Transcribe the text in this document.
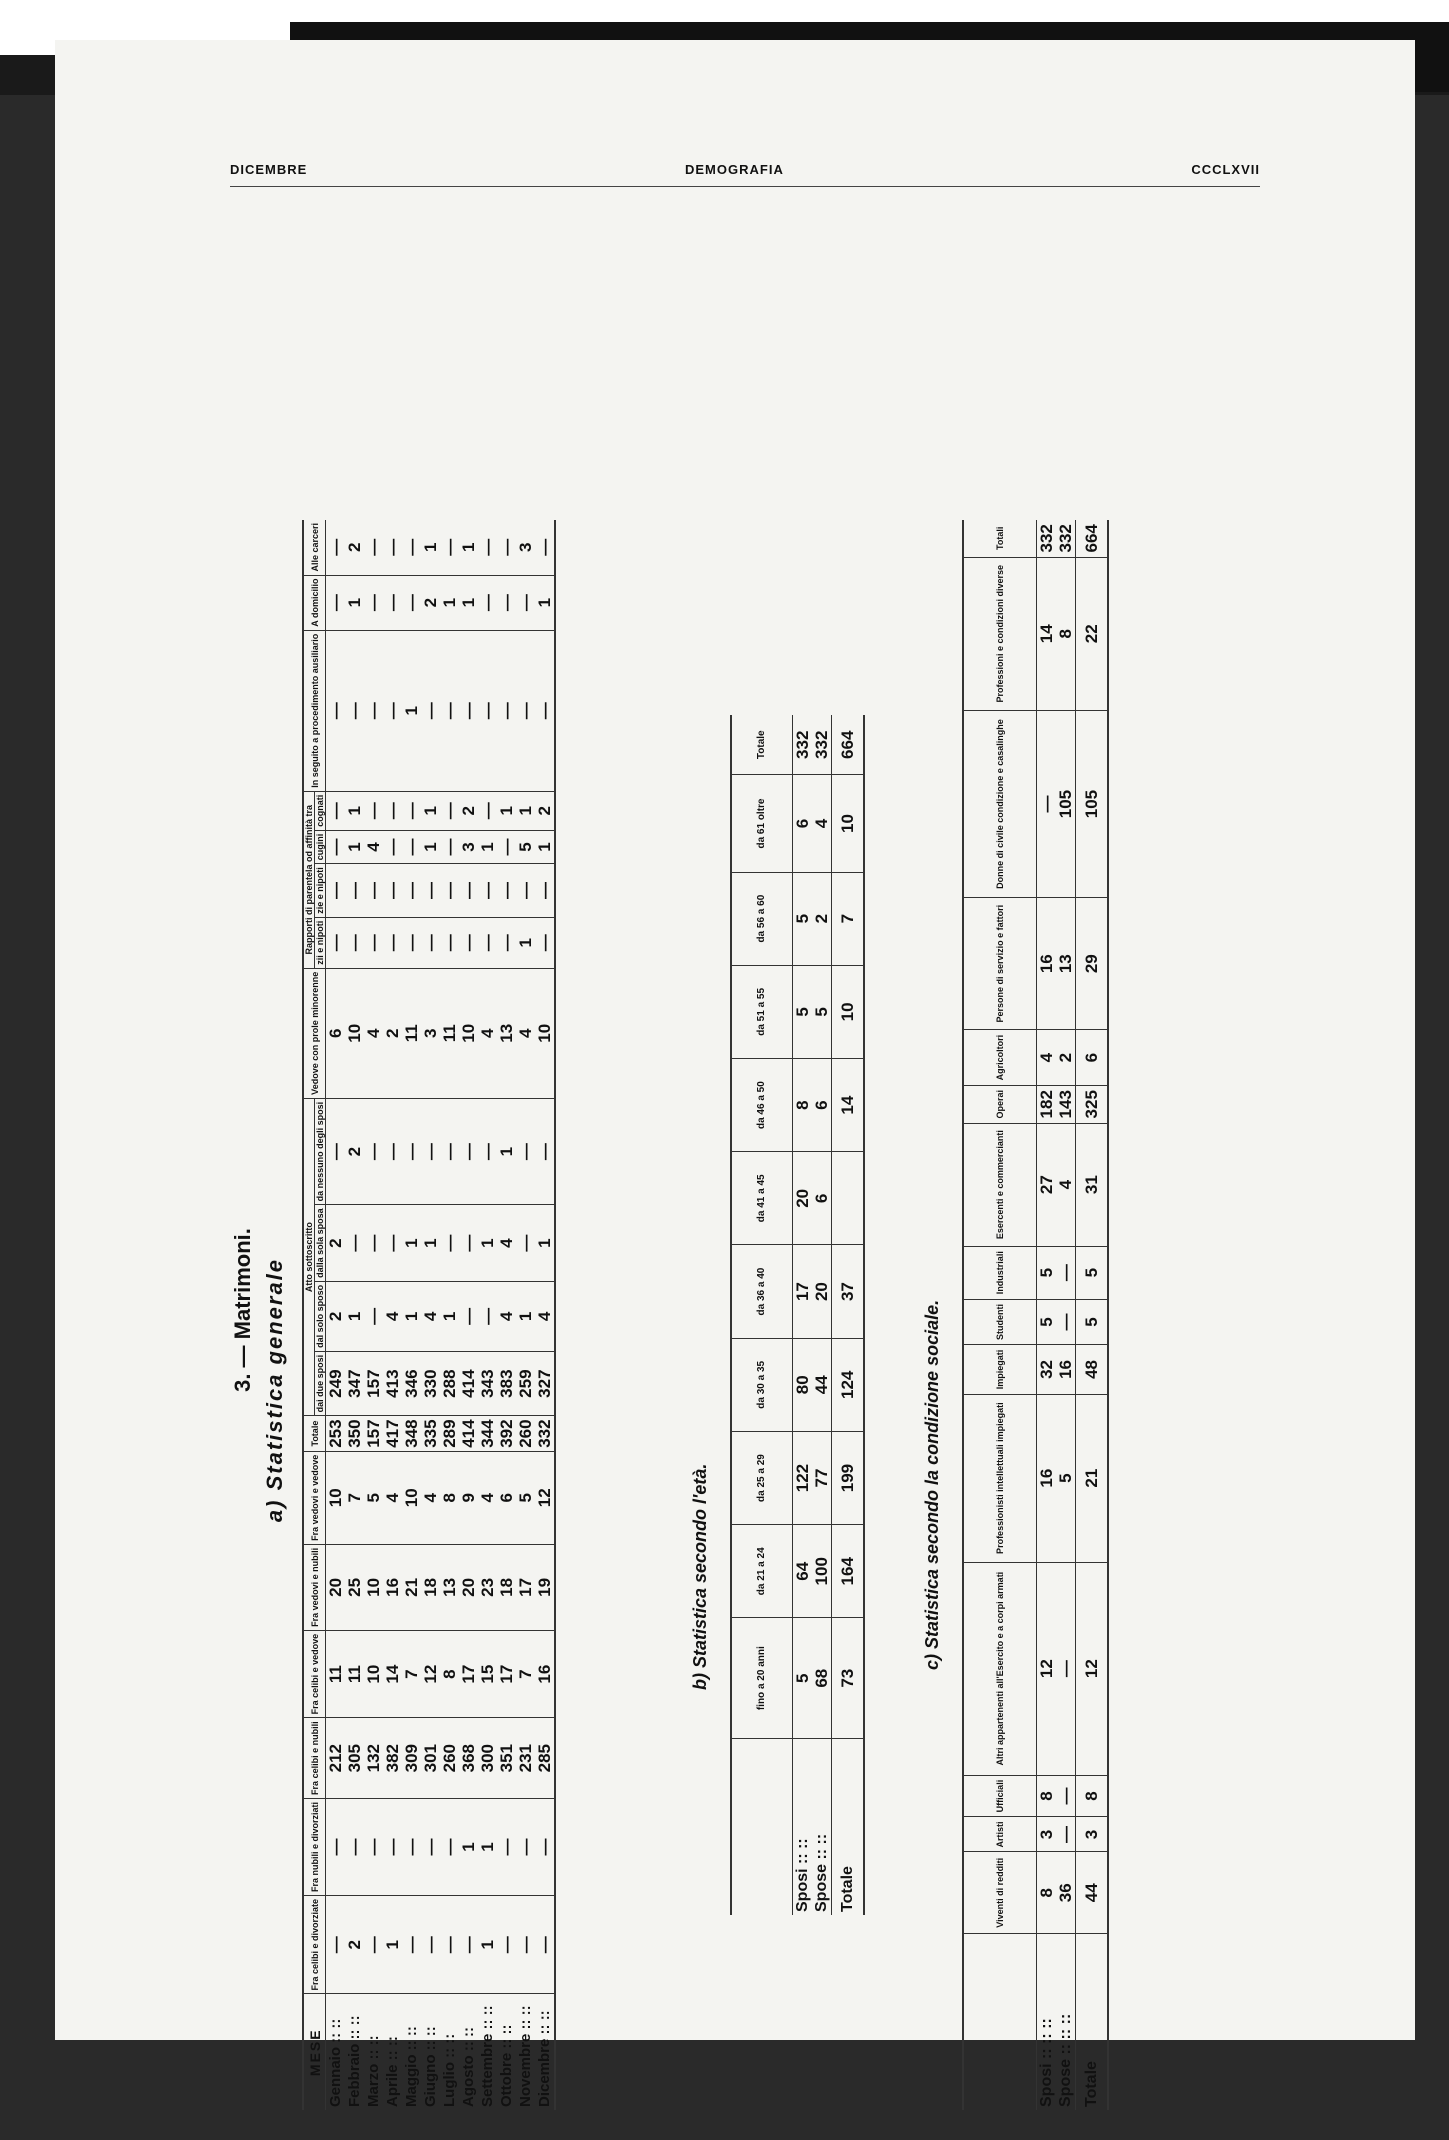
DICEMBRE	DEMOGRAFIA	CCCLXVII
3. — Matrimoni. a) Statistica generale
MESE	Fra celibi e divorziate	Fra nubili e divorziati	Fra celibi e nubili	Fra celibi e vedove	Fra vedovi e nubili	Fra vedovi e vedove	Totale	Atto sottoscritto				Vedove con prole minorenne	Rapporti di parentela od affinità tra				In seguito a procedimento ausiliario	A domicilio	Alle carceri
								dai due sposi	dal solo sposo	dalla sola sposa	da nessuno degli sposi		zii e nipoti	zie e nipoti	cugini	cognati			
Gennaio :: ::	—	—	212	11	20	10	253	249	2	2	—	6	—	—	—	—	—	—	—
Febbraio :: ::	2	—	305	11	25	7	350	347	1	—	2	10	—	—	1	1	—	1	2
Marzo :: ::	—	—	132	10	10	5	157	157	—	—	—	4	—	—	4	—	—	—	—
Aprile :: ::	1	—	382	14	16	4	417	413	4	—	—	2	—	—	—	—	—	—	—
Maggio :: ::	—	—	309	7	21	10	348	346	1	1	—	11	—	—	—	—	1	—	—
Giugno :: ::	—	—	301	12	18	4	335	330	4	1	—	3	—	—	1	1	—	2	1
Luglio :: ::	—	—	260	8	13	8	289	288	1	—	—	11	—	—	—	—	—	1	—
Agosto :: ::	—	1	368	17	20	9	414	414	—	—	—	10	—	—	3	2	—	1	1
Settembre :: ::	1	1	300	15	23	4	344	343	—	1	—	4	—	—	1	—	—	—	—
Ottobre :: ::	—	—	351	17	18	6	392	383	4	4	1	13	—	—	—	1	—	—	—
Novembre :: ::	—	—	231	7	17	5	260	259	1	—	—	4	1	—	5	1	—	—	3
Dicembre :: ::	—	—	285	16	19	12	332	327	4	1	—	10	—	—	1	2	—	1	—
b) Statistica secondo l'età.
		fino a 20 anni	da 21 a 24	da 25 a 29	da 30 a 35	da 36 a 40	da 41 a 45	da 46 a 50	da 51 a 55	da 56 a 60	da 61 oltre	Totale
Sposi :: ::	5	64	122	80	17	20	8	5	5	6	332
Spose :: ::	68	100	77	44	20	6	6	5	2	4	332
Totale	73	164	199	124	37		14	10	7	10	664
c) Statistica secondo la condizione sociale.
	Viventi di redditi	Artisti	Ufficiali	Altri appartenenti all'Esercito e a corpi armati	Professionisti intellettuali impiegati	Impiegati	Studenti	Industriali	Esercenti e commercianti	Operai	Agricoltori	Persone di servizio e fattori	Donne di civile condizione e casalinghe	Professioni e condizioni diverse	Totali
Sposi :: :: ::	8	3	8	12	16	32	5	5	27	182	4	16	—	14	332
Spose :: :: ::	36	—	—	—	5	16	—	—	4	143	2	13	105	8	332
Totale	44	3	8	12	21	48	5	5	31	325	6	29	105	22	664
